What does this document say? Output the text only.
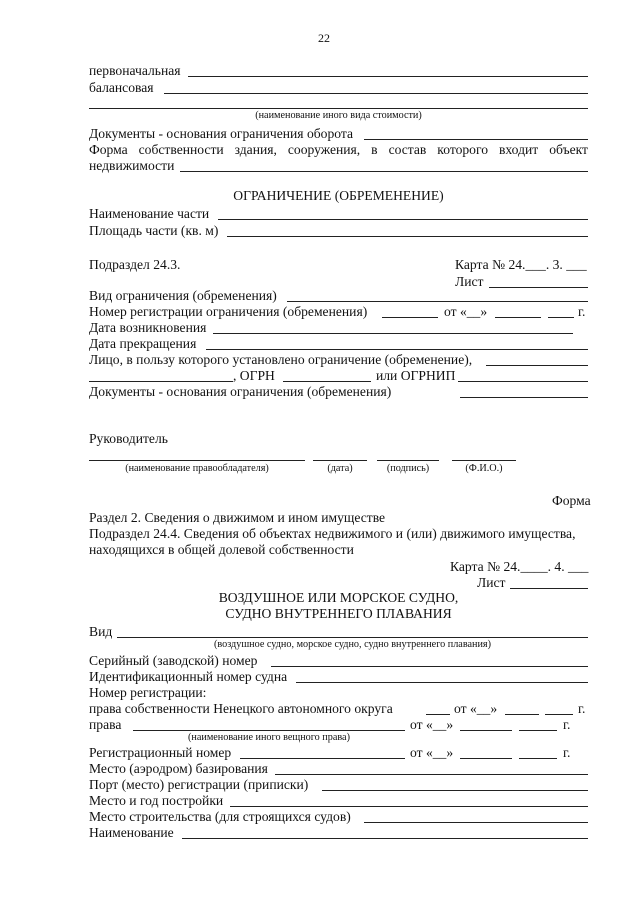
22
первоначальная
балансовая
(наименование иного вида стоимости)
Документы - основания ограничения оборота
Форма собственности здания, сооружения, в состав которого входит объект
недвижимости
ОГРАНИЧЕНИЕ (ОБРЕМЕНЕНИЕ)
Наименование части
Площадь части (кв. м)
Подраздел 24.3.	Карта № 24.___. 3. ___
Лист
Вид ограничения (обременения)
Номер регистрации ограничения (обременения)	от «__»	г.
Дата возникновения
Дата прекращения
Лицо, в пользу которого установлено ограничение (обременение),
, ОГРН	или ОГРНИП
Документы - основания ограничения (обременения)
Руководитель
(наименование правообладателя)	(дата)	(подпись)	(Ф.И.О.)
Форма
Раздел 2. Сведения о движимом и ином имуществе
Подраздел 24.4. Сведения об объектах недвижимого и (или) движимого имущества,
находящихся в общей долевой собственности
Карта № 24.____. 4. ___
Лист
ВОЗДУШНОЕ ИЛИ МОРСКОЕ СУДНО,
СУДНО ВНУТРЕННЕГО ПЛАВАНИЯ
Вид
(воздушное судно, морское судно, судно внутреннего плавания)
Серийный (заводской) номер
Идентификационный номер судна
Номер регистрации:
права собственности Ненецкого автономного округа	от «__»	г.
права	от «__»	г.
(наименование иного вещного права)
Регистрационный номер	от «__»	г.
Место (аэродром) базирования
Порт (место) регистрации (приписки)
Место и год постройки
Место строительства (для строящихся судов)
Наименование
